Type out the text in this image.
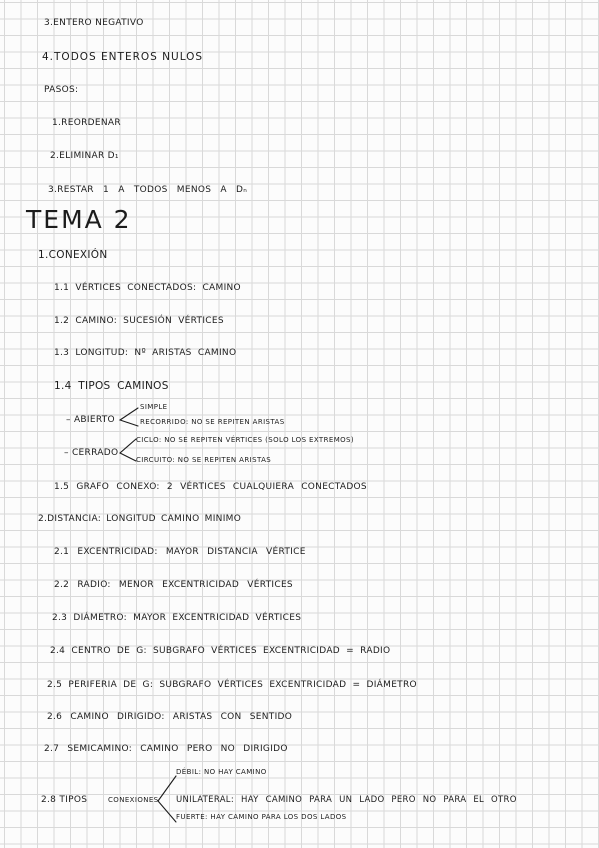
3.ENTERO NEGATIVO
4.TODOS ENTEROS NULOS
PASOS:
1.REORDENAR
2.ELIMINAR D₁
3.RESTAR 1 A TODOS MENOS A Dₙ
TEMA 2
1.CONEXIÓN
1.1 VÉRTICES CONECTADOS: CAMINO
1.2 CAMINO: SUCESIÓN VÉRTICES
1.3 LONGITUD: Nº ARISTAS CAMINO
1.4 TIPOS CAMINOS
– ABIERTO
SIMPLE
RECORRIDO: NO SE REPITEN ARISTAS
– CERRADO
CICLO: NO SE REPITEN VÉRTICES (SOLO LOS EXTREMOS)
CIRCUITO: NO SE REPITEN ARISTAS
1.5 GRAFO CONEXO: 2 VÉRTICES CUALQUIERA CONECTADOS
2.DISTANCIA: LONGITUD CAMINO MINIMO
2.1 EXCENTRICIDAD: MAYOR DISTANCIA VÉRTICE
2.2 RADIO: MENOR EXCENTRICIDAD VÉRTICES
2.3 DIÁMETRO: MAYOR EXCENTRICIDAD VÉRTICES
2.4 CENTRO DE G: SUBGRAFO VÉRTICES EXCENTRICIDAD = RADIO
2.5 PERIFERIA DE G: SUBGRAFO VÉRTICES EXCENTRICIDAD = DIÁMETRO
2.6 CAMINO DIRIGIDO: ARISTAS CON SENTIDO
2.7 SEMICAMINO: CAMINO PERO NO DIRIGIDO
2.8 TIPOS	CONEXIONES
DÉBIL: NO HAY CAMINO
UNILATERAL: HAY CAMINO PARA UN LADO PERO NO PARA EL OTRO
FUERTE: HAY CAMINO PARA LOS DOS LADOS
